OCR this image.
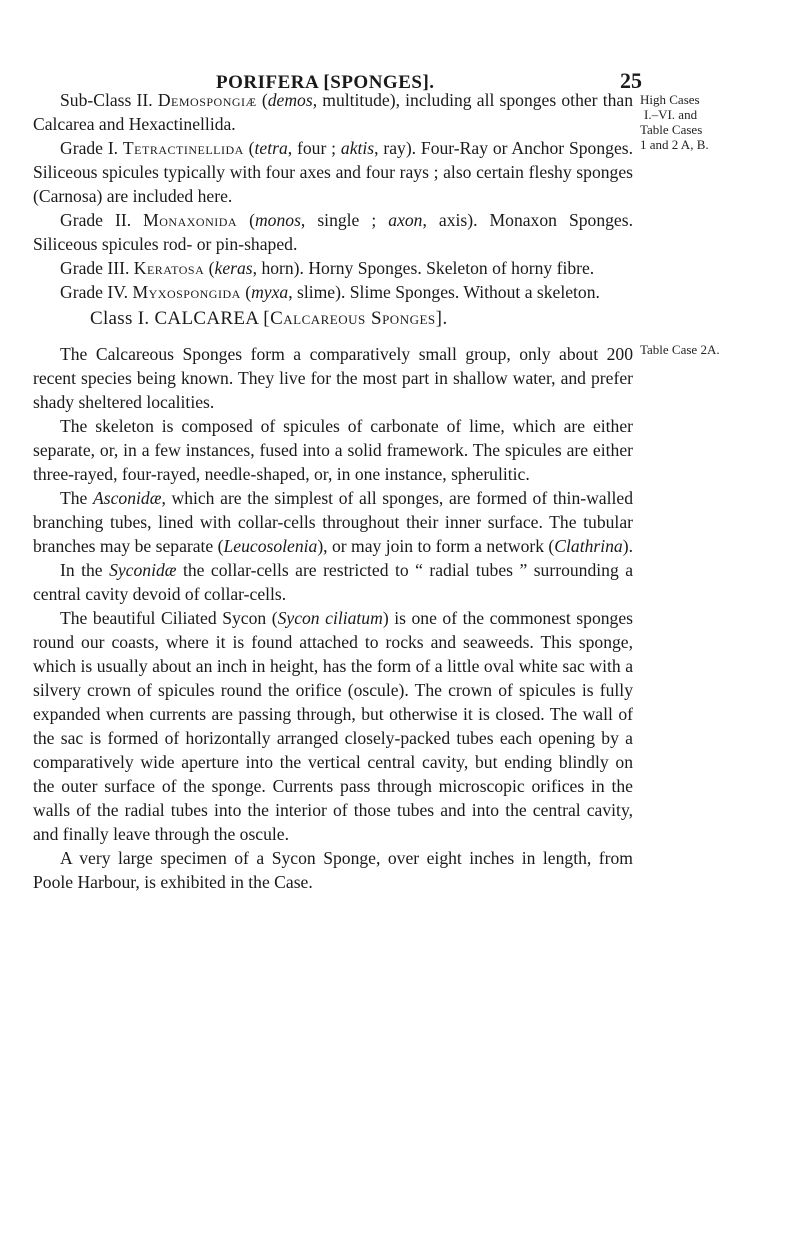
PORIFERA [SPONGES].	25
High Cases
I.–VI. and
Table Cases
1 and 2 A, B.
Table Case 2A.

Sub-Class II. Demospongiæ (demos, multitude), including all sponges other than Calcarea and Hexactinellida.

Grade I. Tetractinellida (tetra, four ; aktis, ray). Four-Ray or Anchor Sponges. Siliceous spicules typically with four axes and four rays ; also certain fleshy sponges (Carnosa) are included here.

Grade II. Monaxonida (monos, single ; axon, axis). Monaxon Sponges. Siliceous spicules rod- or pin-shaped.

Grade III. Keratosa (keras, horn). Horny Sponges. Skeleton of horny fibre.

Grade IV. Myxospongida (myxa, slime). Slime Sponges. Without a skeleton.

Class I. CALCAREA [Calcareous Sponges].

The Calcareous Sponges form a comparatively small group, only about 200 recent species being known. They live for the most part in shallow water, and prefer shady sheltered localities.

The skeleton is composed of spicules of carbonate of lime, which are either separate, or, in a few instances, fused into a solid framework. The spicules are either three-rayed, four-rayed, needle-shaped, or, in one instance, spherulitic.

The Asconidæ, which are the simplest of all sponges, are formed of thin-walled branching tubes, lined with collar-cells throughout their inner surface. The tubular branches may be separate (Leucosolenia), or may join to form a network (Clathrina).

In the Syconidæ the collar-cells are restricted to “ radial tubes ” surrounding a central cavity devoid of collar-cells.

The beautiful Ciliated Sycon (Sycon ciliatum) is one of the commonest sponges round our coasts, where it is found attached to rocks and seaweeds. This sponge, which is usually about an inch in height, has the form of a little oval white sac with a silvery crown of spicules round the orifice (oscule). The crown of spicules is fully expanded when currents are passing through, but otherwise it is closed. The wall of the sac is formed of horizontally arranged closely-packed tubes each opening by a comparatively wide aperture into the vertical central cavity, but ending blindly on the outer surface of the sponge. Currents pass through microscopic orifices in the walls of the radial tubes into the interior of those tubes and into the central cavity, and finally leave through the oscule.

A very large specimen of a Sycon Sponge, over eight inches in length, from Poole Harbour, is exhibited in the Case.
